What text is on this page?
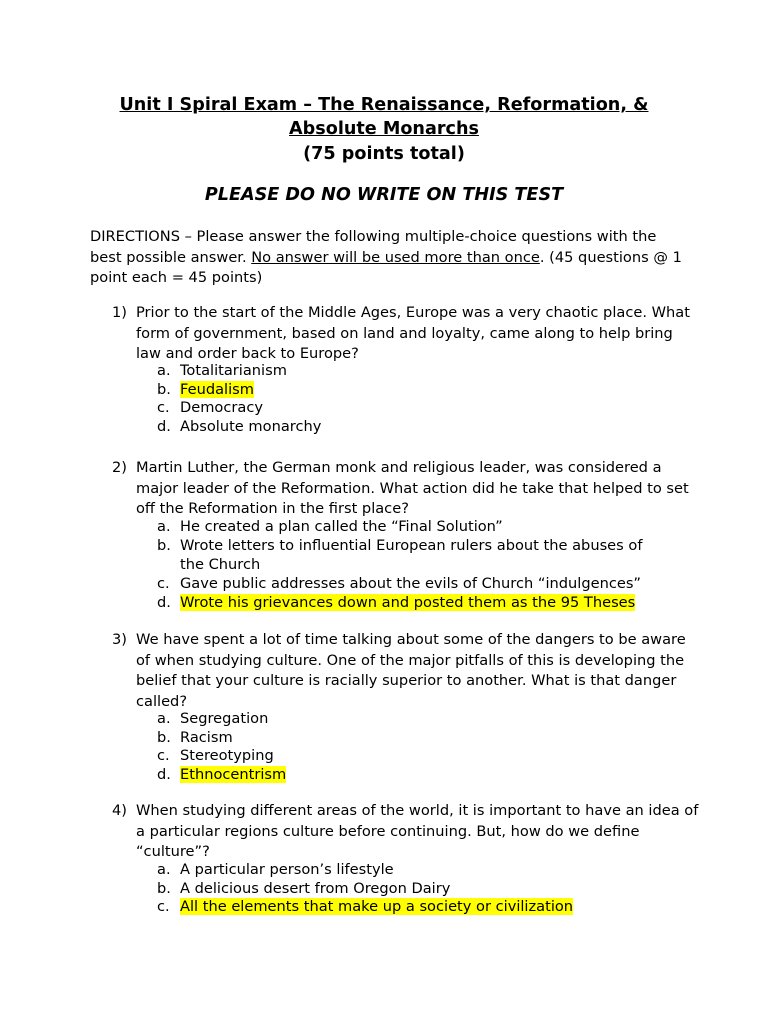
Unit I Spiral Exam – The Renaissance, Reformation, &
Absolute Monarchs
(75 points total)
PLEASE DO NO WRITE ON THIS TEST
DIRECTIONS – Please answer the following multiple-choice questions with the best possible answer. No answer will be used more than once. (45 questions @ 1 point each = 45 points)
1) Prior to the start of the Middle Ages, Europe was a very chaotic place. What form of government, based on land and loyalty, came along to help bring law and order back to Europe?
a. Totalitarianism
b. Feudalism
c. Democracy
d. Absolute monarchy
2) Martin Luther, the German monk and religious leader, was considered a major leader of the Reformation. What action did he take that helped to set off the Reformation in the first place?
a. He created a plan called the “Final Solution”
b. Wrote letters to influential European rulers about the abuses of the Church
c. Gave public addresses about the evils of Church “indulgences”
d. Wrote his grievances down and posted them as the 95 Theses
3) We have spent a lot of time talking about some of the dangers to be aware of when studying culture. One of the major pitfalls of this is developing the belief that your culture is racially superior to another. What is that danger called?
a. Segregation
b. Racism
c. Stereotyping
d. Ethnocentrism
4) When studying different areas of the world, it is important to have an idea of a particular regions culture before continuing. But, how do we define “culture”?
a. A particular person’s lifestyle
b. A delicious desert from Oregon Dairy
c. All the elements that make up a society or civilization
